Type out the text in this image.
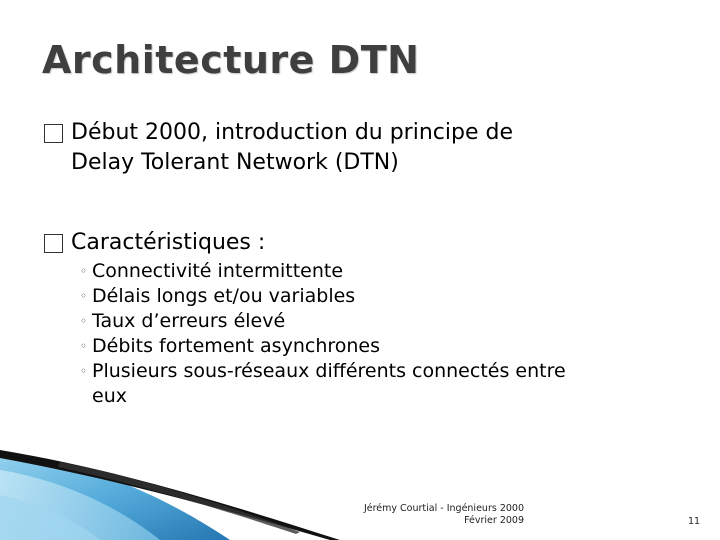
Architecture DTN
Début 2000, introduction du principe de
Delay Tolerant Network (DTN)
Caractéristiques :
◦ Connectivité intermittente
◦ Délais longs et/ou variables
◦ Taux d’erreurs élevé
◦ Débits fortement asynchrones
◦ Plusieurs sous-réseaux différents connectés entre
eux
Jérémy Courtial - Ingénieurs 2000
Février 2009	11
